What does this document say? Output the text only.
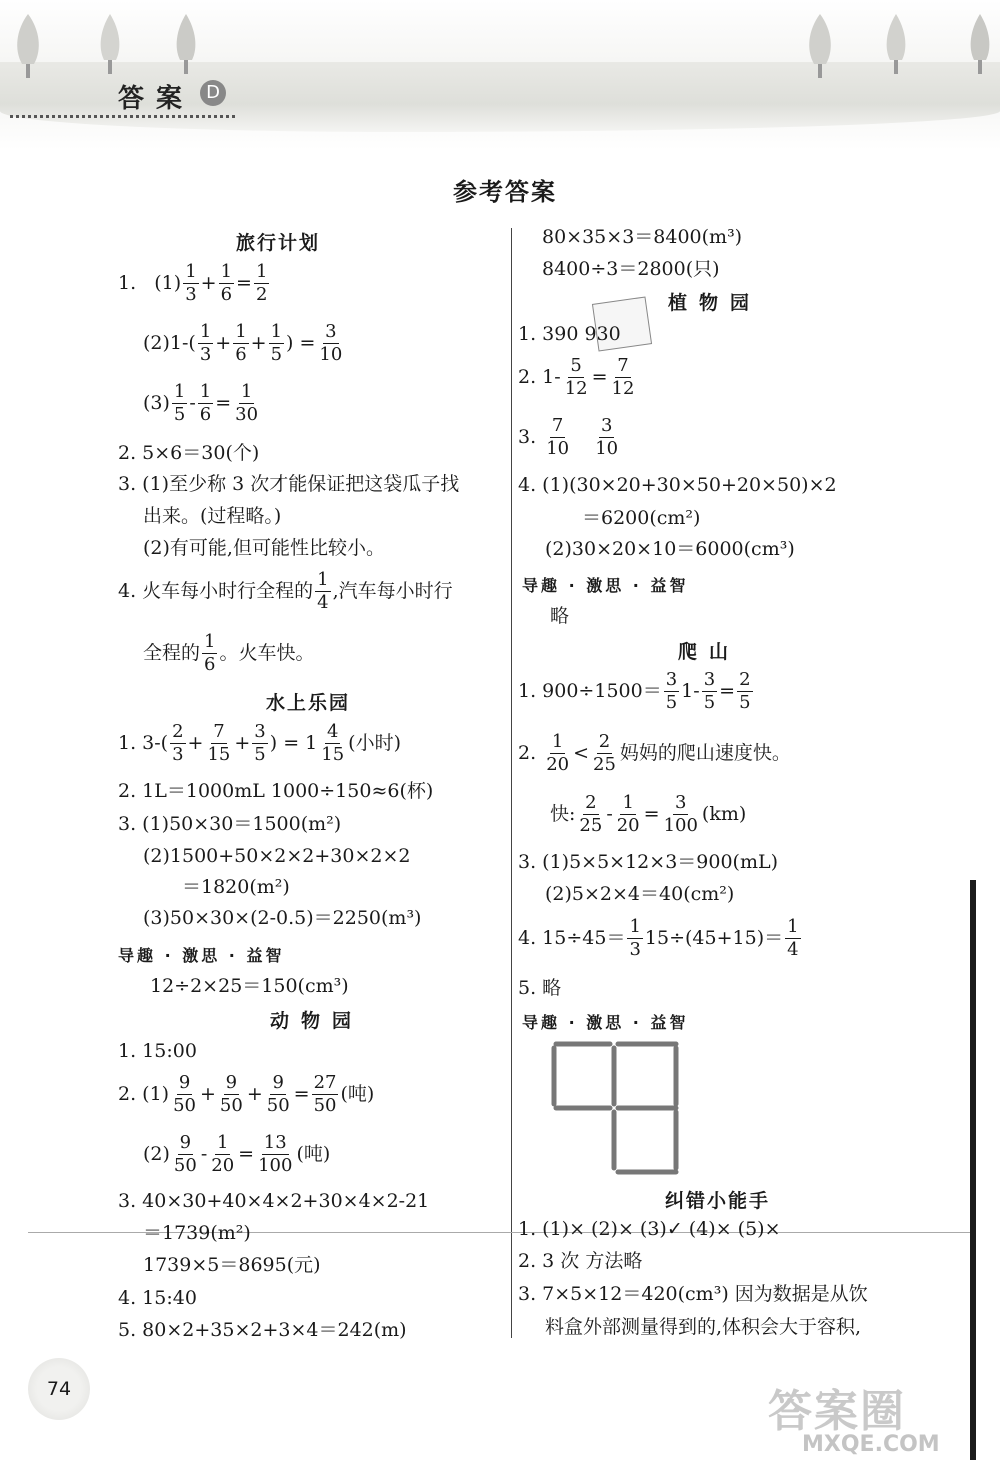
答案 D
参考答案
旅行计划
1.
$(1) \frac{1}{3} + \frac{1}{6} = \frac{1}{2}$
$(2)1-( \frac{1}{3} + \frac{1}{6} + \frac{1}{5}$ ) = $\frac{3}{10}$
$(3) \frac{1}{5} - \frac{1}{6} = \frac{1}{30}$
2. 5×6＝30(个)
3. (1)至少称 3 次才能保证把这袋瓜子找
出来。(过程略。)
(2)有可能,但可能性比较小。
4. 火车每小时行全程的 $\frac{1}{4}$ ,汽车每小时行
全程的 $\frac{1}{6}$ 。火车快。
水上乐园
1. $3-( \frac{2}{3} + \frac{7}{15} + \frac{3}{5}$ ) = $1 \frac{4}{15}$ (小时)
2. 1L＝1000mL 1000÷150≈6(杯)
3. (1)50×30＝1500(m²)
(2)1500+50×2×2+30×2×2
＝1820(m²)
(3)50×30×(2-0.5)＝2250(m³)
导趣 · 激思 · 益智
12÷2×25＝150(cm³)
动物园
1. 15:00
2. $(1) \frac{9}{50} + \frac{9}{50} + \frac{9}{50} = \frac{27}{50}$ (吨)
$(2) \frac{9}{50} - \frac{1}{20} = \frac{13}{100}$ (吨)
3. 40×30+40×4×2+30×4×2-21
＝1739(m²)
1739×5＝8695(元)
4. 15:40
5. 80×2+35×2+3×4＝242(m)
80×35×3＝8400(m³)
8400÷3＝2800(只)
植物园
1. 390 930
2. $1- \frac{5}{12} = \frac{7}{12}$
3.
$\frac{7}{10}$
$\frac{3}{10}$
4. (1)(30×20+30×50+20×50)×2
＝6200(cm²)
(2)30×20×10＝6000(cm³)
导趣 · 激思 · 益智
略
爬山
1. $900\div 1500= \frac{3}{5} 1- \frac{3}{5} = \frac{2}{5}$
2.
$\frac{1}{20} < \frac{2}{25}$ 妈妈的爬山速度快。
快: $\frac{2}{25} - \frac{1}{20} = \frac{3}{100} (km)$
3. (1)5×5×12×3＝900(mL)
(2)5×2×4＝40(cm²)
4. $15\div 45= \frac{1}{3} 15\div(45+15)= \frac{1}{4}$
5. 略
导趣 · 激思 · 益智
纠错小能手
1. (1)× (2)× (3)✓ (4)× (5)×
2. 3 次 方法略
3. 7×5×12＝420(cm³) 因为数据是从饮
料盒外部测量得到的,体积会大于容积,
74	答案圈
MXQE.COM
